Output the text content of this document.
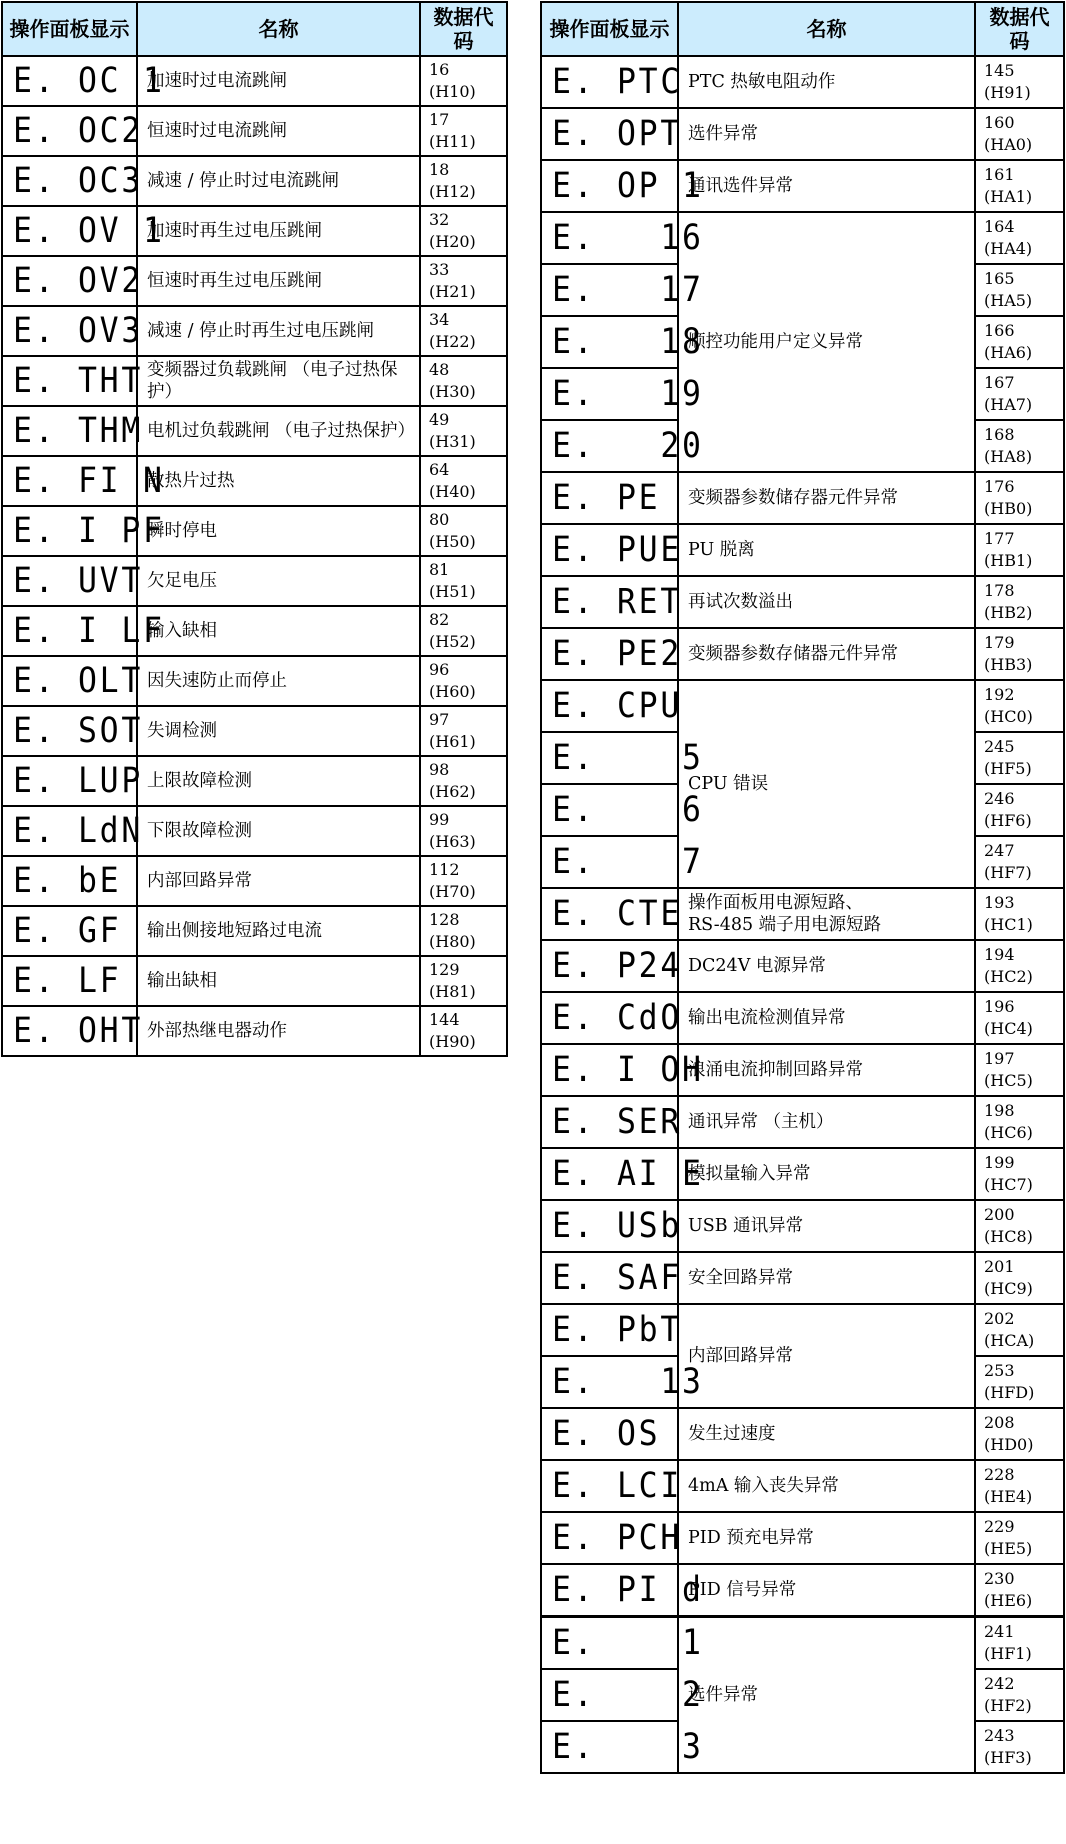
操作面板显示	名称	数据代码
E. OC 1	加速时过电流跳闸	16
(H10)
E. OC2	恒速时过电流跳闸	17
(H11)
E. OC3	减速 / 停止时过电流跳闸	18
(H12)
E. OV 1	加速时再生过电压跳闸	32
(H20)
E. OV2	恒速时再生过电压跳闸	33
(H21)
E. OV3	减速 / 停止时再生过电压跳闸	34
(H22)
E. THT	变频器过负载跳闸 （电子过热保护）	48
(H30)
E. THM	电机过负载跳闸 （电子过热保护）	49
(H31)
E. FI N	散热片过热	64
(H40)
E. I PF	瞬时停电	80
(H50)
E. UVT	欠足电压	81
(H51)
E. I LF	输入缺相	82
(H52)
E. OLT	因失速防止而停止	96
(H60)
E. SOT	失调检测	97
(H61)
E. LUP	上限故障检测	98
(H62)
E. LdN	下限故障检测	99
(H63)
E. bE	内部回路异常	112
(H70)
E. GF	输出侧接地短路过电流	128
(H80)
E. LF	输出缺相	129
(H81)
E. OHT	外部热继电器动作	144
(H90)
操作面板显示	名称	数据代码
E. PTC	PTC 热敏电阻动作	145
(H91)
E. OPT	选件异常	160
(HA0)
E. OP 1	通讯选件异常	161
(HA1)
E.   16	顺控功能用户定义异常	164
(HA4)
E.   17		165
(HA5)
E.   18		166
(HA6)
E.   19		167
(HA7)
E.   20		168
(HA8)
E. PE	变频器参数储存器元件异常	176
(HB0)
E. PUE	PU 脱离	177
(HB1)
E. RET	再试次数溢出	178
(HB2)
E. PE2	变频器参数存储器元件异常	179
(HB3)
E. CPU	CPU 错误	192
(HC0)
E.    5		245
(HF5)
E.    6		246
(HF6)
E.    7		247
(HF7)
E. CTE	操作面板用电源短路、
RS-485 端子用电源短路	193
(HC1)
E. P24	DC24V 电源异常	194
(HC2)
E. CdO	输出电流检测值异常	196
(HC4)
E. I OH	浪涌电流抑制回路异常	197
(HC5)
E. SER	通讯异常 （主机）	198
(HC6)
E. AI E	模拟量输入异常	199
(HC7)
E. USb	USB 通讯异常	200
(HC8)
E. SAF	安全回路异常	201
(HC9)
E. PbT	内部回路异常	202
(HCA)
E.   13		253
(HFD)
E. OS	发生过速度	208
(HD0)
E. LCI	4mA 输入丧失异常	228
(HE4)
E. PCH	PID 预充电异常	229
(HE5)
E. PI d	PID 信号异常	230
(HE6)
E.    1	选件异常	241
(HF1)
E.    2		242
(HF2)
E.    3		243
(HF3)
